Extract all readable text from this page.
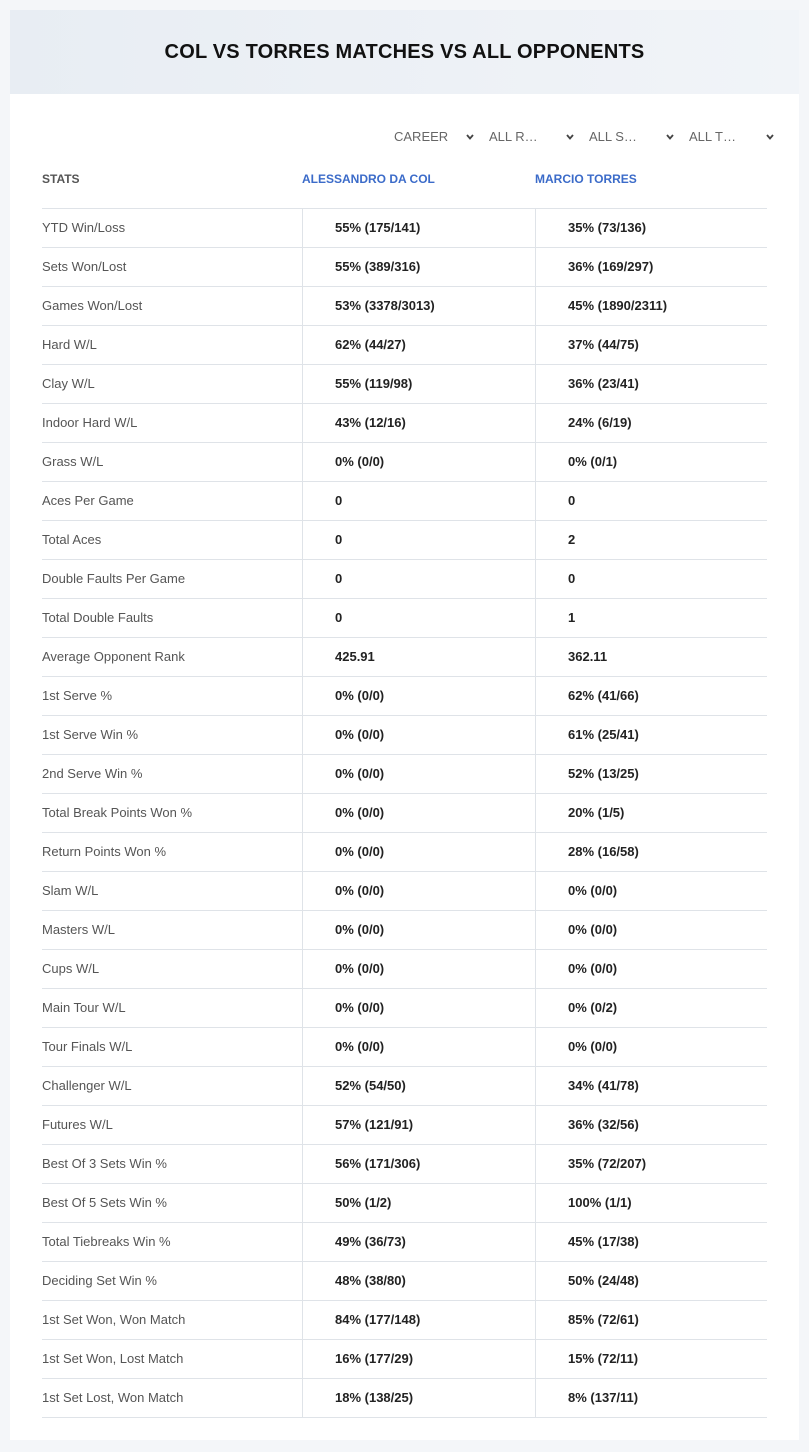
COL VS TORRES MATCHES VS ALL OPPONENTS
CAREER	ALL R…	ALL S…	ALL T…
STATS	ALESSANDRO DA COL	MARCIO TORRES
YTD Win/Loss	55% (175/141)	35% (73/136)
Sets Won/Lost	55% (389/316)	36% (169/297)
Games Won/Lost	53% (3378/3013)	45% (1890/2311)
Hard W/L	62% (44/27)	37% (44/75)
Clay W/L	55% (119/98)	36% (23/41)
Indoor Hard W/L	43% (12/16)	24% (6/19)
Grass W/L	0% (0/0)	0% (0/1)
Aces Per Game	0	0
Total Aces	0	2
Double Faults Per Game	0	0
Total Double Faults	0	1
Average Opponent Rank	425.91	362.11
1st Serve %	0% (0/0)	62% (41/66)
1st Serve Win %	0% (0/0)	61% (25/41)
2nd Serve Win %	0% (0/0)	52% (13/25)
Total Break Points Won %	0% (0/0)	20% (1/5)
Return Points Won %	0% (0/0)	28% (16/58)
Slam W/L	0% (0/0)	0% (0/0)
Masters W/L	0% (0/0)	0% (0/0)
Cups W/L	0% (0/0)	0% (0/0)
Main Tour W/L	0% (0/0)	0% (0/2)
Tour Finals W/L	0% (0/0)	0% (0/0)
Challenger W/L	52% (54/50)	34% (41/78)
Futures W/L	57% (121/91)	36% (32/56)
Best Of 3 Sets Win %	56% (171/306)	35% (72/207)
Best Of 5 Sets Win %	50% (1/2)	100% (1/1)
Total Tiebreaks Win %	49% (36/73)	45% (17/38)
Deciding Set Win %	48% (38/80)	50% (24/48)
1st Set Won, Won Match	84% (177/148)	85% (72/61)
1st Set Won, Lost Match	16% (177/29)	15% (72/11)
1st Set Lost, Won Match	18% (138/25)	8% (137/11)
